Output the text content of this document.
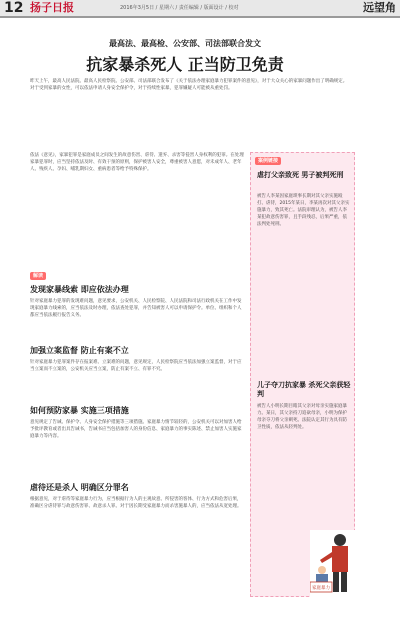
12 扬子日报	2016年3月5日 / 星期六 / 责任编辑 / 版面设计 / 校对	远望角
最高法、最高检、公安部、司法部联合发文
抗家暴杀死人 正当防卫免责
昨天上午，最高人民法院、最高人民检察院、公安部、司法部联合发布了《关于依法办理家庭暴力犯罪案件的意见》，对于大众关心的家暴问题作出了明确规定。对于受到家暴的女性，可以依法申请人身安全保护令，对于持续性家暴，犯罪嫌疑人可能被从重处罚。
依法《意见》，家暴犯罪是家庭成员之间发生的故意伤害、虐待、遗弃、杀害等侵害人身权利的犯罪。在处理家暴犯罪时，应当坚持依法及时、有效干预的原则，保护被害人安全，尊重被害人意愿，对未成年人、老年人、残疾人、孕妇、哺乳期妇女、重病患者等给予特殊保护。
解读
发现家暴线索 即应依法办理
针对家庭暴力犯罪的发现难问题，意见要求，公安机关、人民检察院、人民法院和司法行政机关在工作中发现家庭暴力线索的，应当依法及时办理，依法查处犯罪，并告知被害人可以申请保护令。单位、组织和个人都应当依法履行报告义务。
加强立案监督 防止有案不立
针对家庭暴力犯罪案件存在报案难、立案难的问题，意见规定，人民检察院应当依法加强立案监督，对于应当立案而不立案的，公安机关应当立案，防止有案不立、有罪不究。
如何预防家暴 实施三项措施
意见规定了告诫、保护令、人身安全保护措施等三项措施。家庭暴力情节较轻的，公安机关可以对加害人给予批评教育或者出具告诫书，告诫书应当包括加害人的身份信息、家庭暴力的事实陈述、禁止加害人实施家庭暴力等内容。
虐待还是杀人 明确区分罪名
根据意见，对于虐待等家庭暴力行为，应当根据行为人的主观故意、所侵害的客体、行为方式和危害后果，准确区分虐待罪与故意伤害罪、故意杀人罪。对于因长期受家庭暴力而杀害施暴人的，应当依法从宽处理。
案例链接
虐打父亲致死 男子被判死刑
被告人李某因家庭琐事长期对其父亲实施殴打、虐待，2015年某日，李某再次对其父亲实施暴力，致其死亡。法院审理认为，被告人李某犯故意伤害罪，且手段残忍，后果严重，依法判处死刑。
儿子夺刀抗家暴 杀死父亲获轻判
被告人小明长期目睹其父亲对母亲实施家庭暴力。某日，其父亲持刀追砍母亲，小明为保护母亲夺刀将父亲刺死。法院认定其行为具有防卫性质，依法从轻判处。
家庭暴力
